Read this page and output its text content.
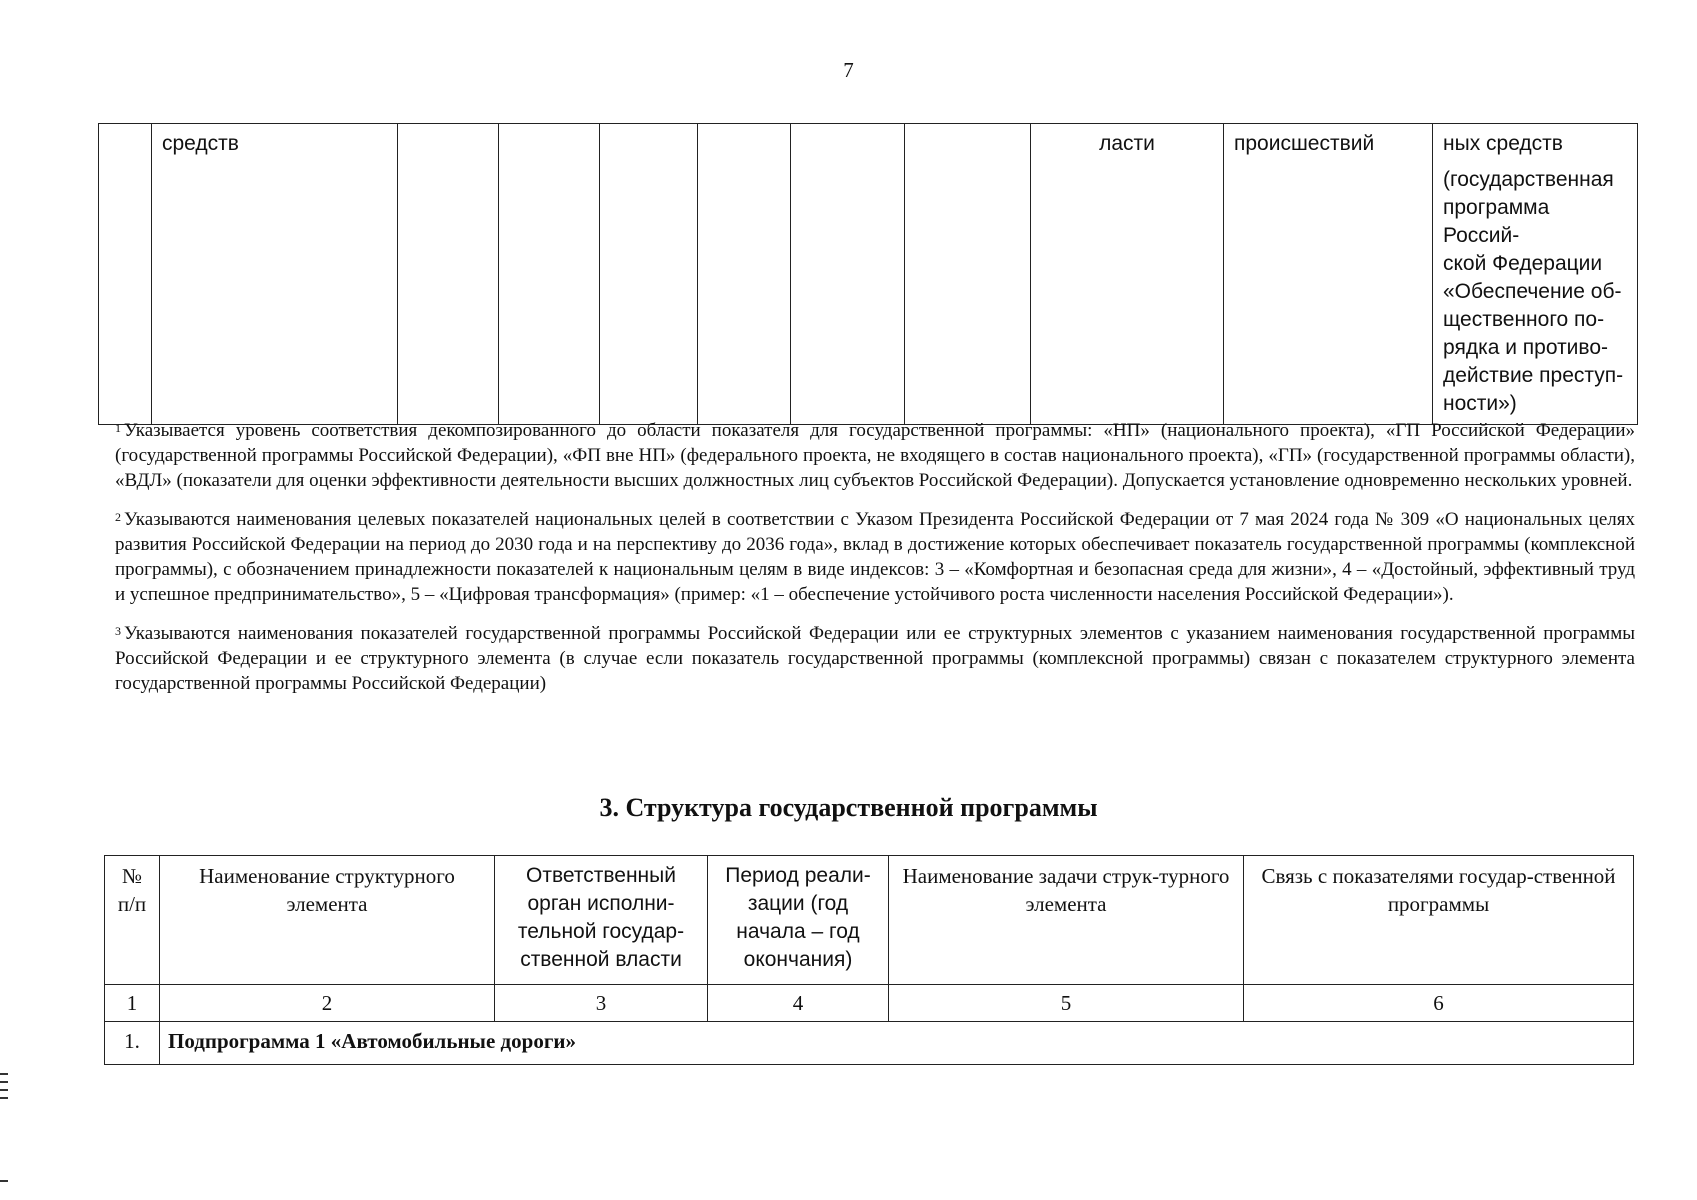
7
	средств							ласти	происшествий	ных средств
(государственная
программа Россий-
ской Федерации
«Обеспечение об-
щественного по-
рядка и противо-
действие преступ-
ности»)

$^1$ Указывается уровень соответствия декомпозированного до области показателя для государственной программы: «НП» (национального проекта), «ГП Российской Федерации» (государственной программы Российской Федерации), «ФП вне НП» (федерального проекта, не входящего в состав национального проекта), «ГП» (государственной программы области), «ВДЛ» (показатели для оценки эффективности деятельности высших должностных лиц субъектов Российской Федерации). Допускается установление одновременно нескольких уровней.

$^2$ Указываются наименования целевых показателей национальных целей в соответствии с Указом Президента Российской Федерации от 7 мая 2024 года № 309 «О национальных целях развития Российской Федерации на период до 2030 года и на перспективу до 2036 года», вклад в достижение которых обеспечивает показатель государственной программы (комплексной программы), с обозначением принадлежности показателей к национальным целям в виде индексов: 3 – «Комфортная и безопасная среда для жизни», 4 – «Достойный, эффективный труд и успешное предпринимательство», 5 – «Цифровая трансформация» (пример: «1 – обеспечение устойчивого роста численности населения Российской Федерации»).

$^3$ Указываются наименования показателей государственной программы Российской Федерации или ее структурных элементов с указанием наименования государственной программы Российской Федерации и ее структурного элемента (в случае если показатель государственной программы (комплексной программы) связан с показателем структурного элемента государственной программы Российской Федерации)

3. Структура государственной программы
№ п/п	Наименование структурного элемента	Ответственный орган исполни-тельной государ-ственной власти	Период реали-зации (год начала – год окончания)	Наименование задачи струк-турного элемента	Связь с показателями государ-ственной программы
1	2	3	4	5	6
1.	Подпрограмма 1 «Автомобильные дороги»				
